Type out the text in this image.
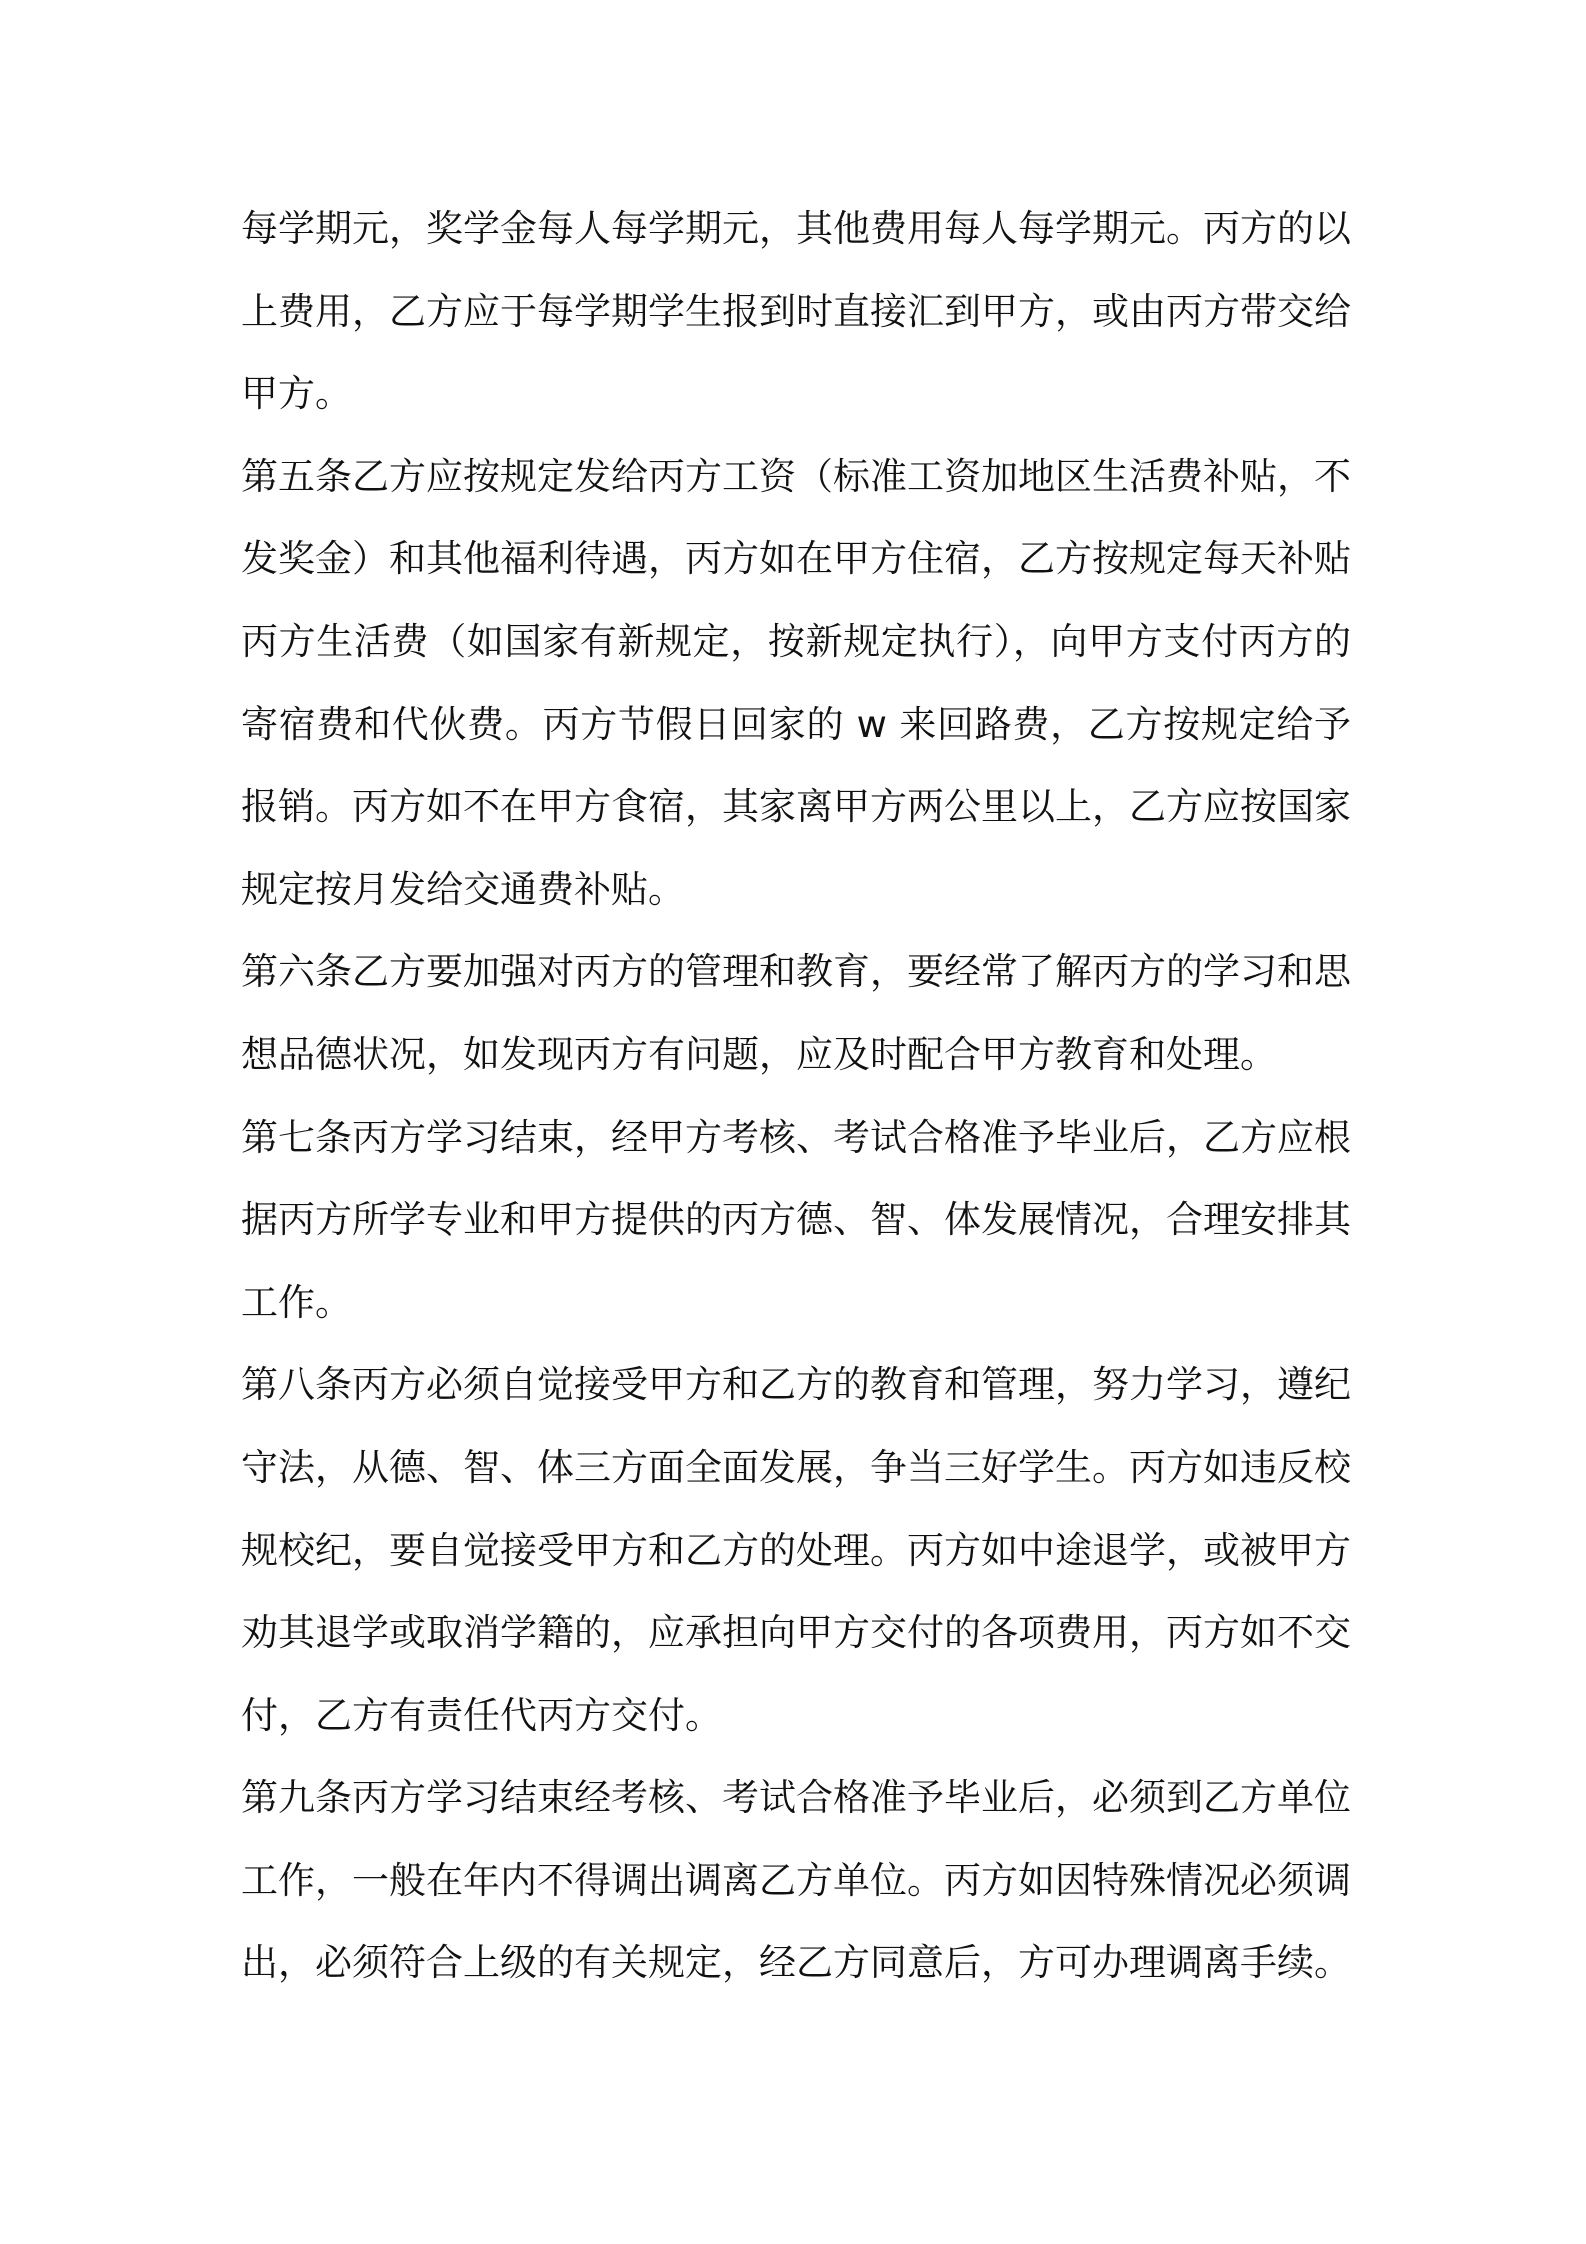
每学期元，奖学金每人每学期元，其他费用每人每学期元。丙方的以上费用，乙方应于每学期学生报到时直接汇到甲方，或由丙方带交给甲方。

第五条乙方应按规定发给丙方工资（标准工资加地区生活费补贴，不发奖金）和其他福利待遇，丙方如在甲方住宿，乙方按规定每天补贴丙方生活费（如国家有新规定，按新规定执行），向甲方支付丙方的寄宿费和代伙费。丙方节假日回家的 w 来回路费，乙方按规定给予报销。丙方如不在甲方食宿，其家离甲方两公里以上，乙方应按国家规定按月发给交通费补贴。

第六条乙方要加强对丙方的管理和教育，要经常了解丙方的学习和思想品德状况，如发现丙方有问题，应及时配合甲方教育和处理。

第七条丙方学习结束，经甲方考核、考试合格准予毕业后，乙方应根据丙方所学专业和甲方提供的丙方德、智、体发展情况，合理安排其工作。

第八条丙方必须自觉接受甲方和乙方的教育和管理，努力学习，遵纪守法，从德、智、体三方面全面发展，争当三好学生。丙方如违反校规校纪，要自觉接受甲方和乙方的处理。丙方如中途退学，或被甲方劝其退学或取消学籍的，应承担向甲方交付的各项费用，丙方如不交付，乙方有责任代丙方交付。

第九条丙方学习结束经考核、考试合格准予毕业后，必须到乙方单位工作，一般在年内不得调出调离乙方单位。丙方如因特殊情况必须调出，必须符合上级的有关规定，经乙方同意后，方可办理调离手续。
